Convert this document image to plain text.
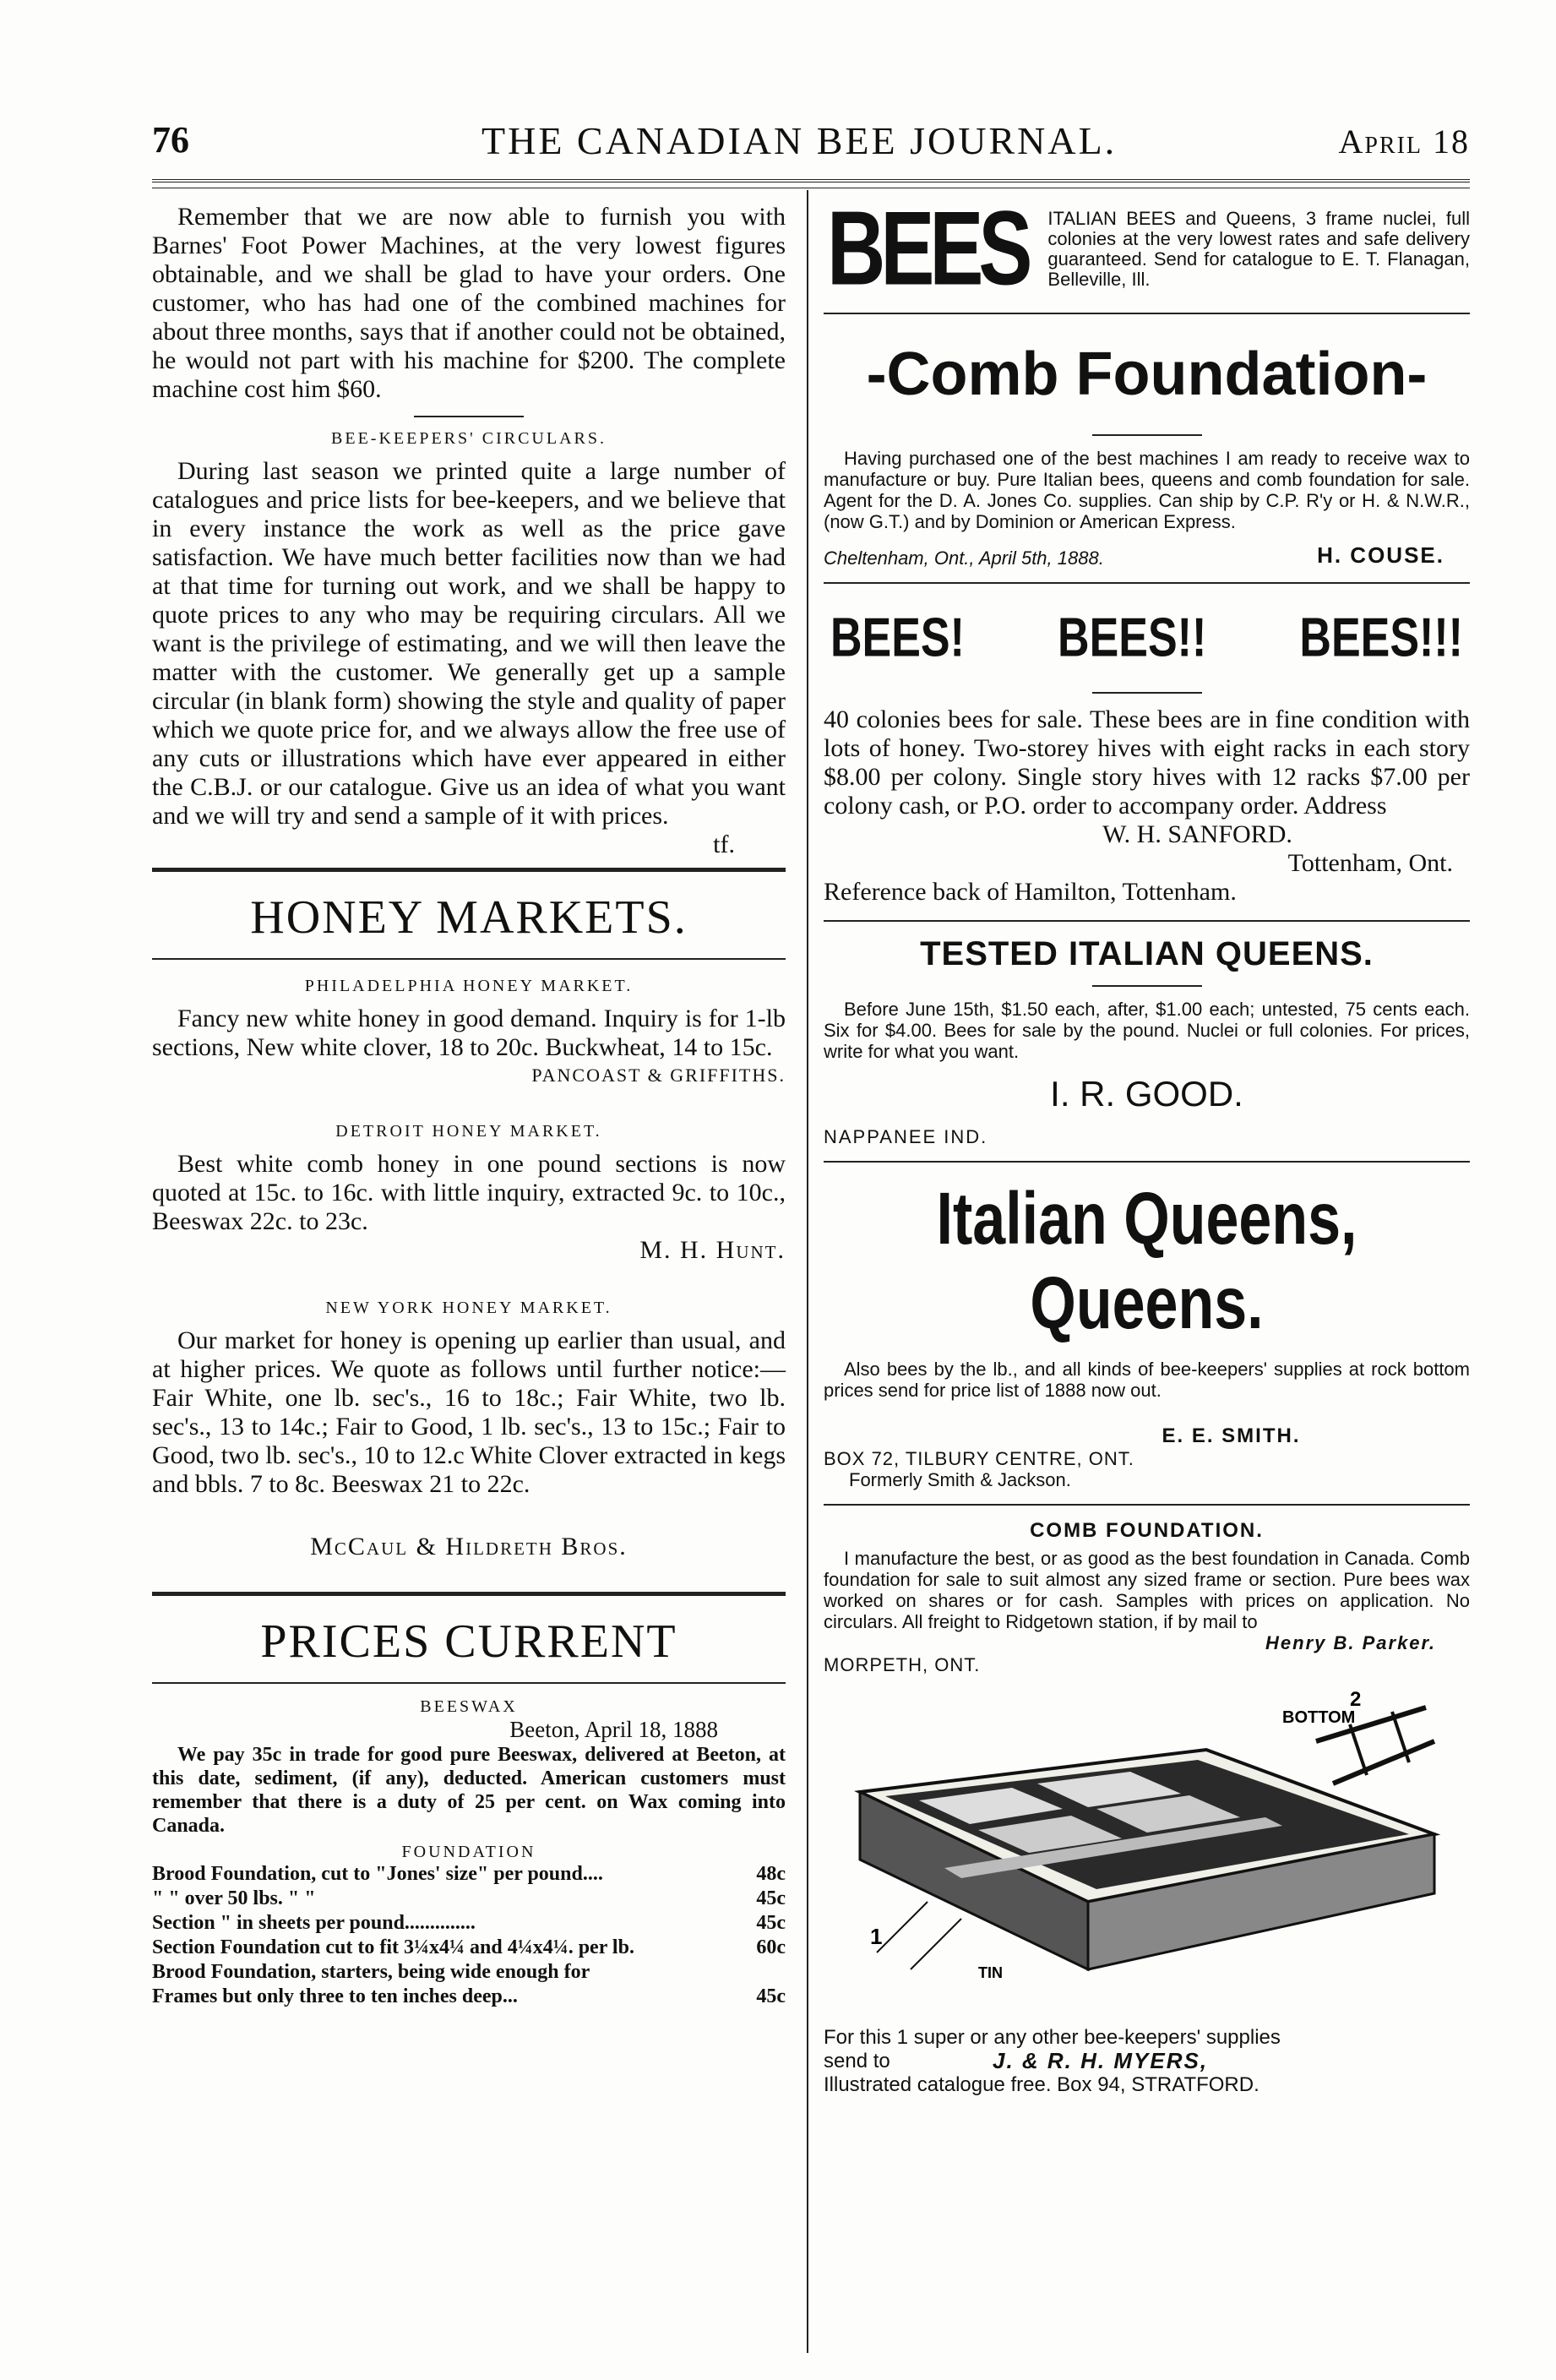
76	THE CANADIAN BEE JOURNAL.	April 18

Remember that we are now able to furnish you with Barnes' Foot Power Machines, at the very lowest figures obtainable, and we shall be glad to have your orders. One customer, who has had one of the combined machines for about three months, says that if another could not be obtained, he would not part with his machine for $200. The complete machine cost him $60.

BEE-KEEPERS' CIRCULARS.

During last season we printed quite a large number of catalogues and price lists for bee-keepers, and we believe that in every instance the work as well as the price gave satisfaction. We have much better facilities now than we had at that time for turning out work, and we shall be happy to quote prices to any who may be requiring circulars. All we want is the privilege of estimating, and we will then leave the matter with the customer. We generally get up a sample circular (in blank form) showing the style and quality of paper which we quote price for, and we always allow the free use of any cuts or illustrations which have ever appeared in either the C.B.J. or our catalogue. Give us an idea of what you want and we will try and send a sample of it with prices.

tf.

HONEY MARKETS.

PHILADELPHIA HONEY MARKET.

Fancy new white honey in good demand. Inquiry is for 1-lb sections, New white clover, 18 to 20c. Buckwheat, 14 to 15c.

PANCOAST & GRIFFITHS.

DETROIT HONEY MARKET.

Best white comb honey in one pound sections is now quoted at 15c. to 16c. with little inquiry, extracted 9c. to 10c., Beeswax 22c. to 23c.

M. H. Hunt.

NEW YORK HONEY MARKET.

Our market for honey is opening up earlier than usual, and at higher prices. We quote as follows until further notice:—Fair White, one lb. sec's., 16 to 18c.; Fair White, two lb. sec's., 13 to 14c.; Fair to Good, 1 lb. sec's., 13 to 15c.; Fair to Good, two lb. sec's., 10 to 12.c White Clover extracted in kegs and bbls. 7 to 8c. Beeswax 21 to 22c.

McCaul & Hildreth Bros.

PRICES CURRENT

BEESWAX

Beeton, April 18, 1888

We pay 35c in trade for good pure Beeswax, delivered at Beeton, at this date, sediment, (if any), deducted. American customers must remember that there is a duty of 25 per cent. on Wax coming into Canada.

FOUNDATION

Brood Foundation, cut to "Jones' size" per pound....	48c
" " over 50 lbs. " "	45c
Section " in sheets per pound..............	45c
Section Foundation cut to fit 3¼x4¼ and 4¼x4¼. per lb.	60c
Brood Foundation, starters, being wide enough for
Frames but only three to ten inches deep...	45c
BEES ITALIAN BEES and Queens, 3 frame nuclei, full colonies at the very lowest rates and safe delivery guaranteed. Send for catalogue to E. T. Flanagan, Belleville, Ill.

-Comb Foundation-

Having purchased one of the best machines I am ready to receive wax to manufacture or buy. Pure Italian bees, queens and comb foundation for sale. Agent for the D. A. Jones Co. supplies. Can ship by C.P. R'y or H. & N.W.R., (now G.T.) and by Dominion or American Express.

Cheltenham, Ont., April 5th, 1888.	H. COUSE.
BEES! BEES!! BEES!!!

40 colonies bees for sale. These bees are in fine condition with lots of honey. Two-storey hives with eight racks in each story $8.00 per colony. Single story hives with 12 racks $7.00 per colony cash, or P.O. order to accompany order. Address

W. H. SANFORD.

Tottenham, Ont.

Reference back of Hamilton, Tottenham.

TESTED ITALIAN QUEENS.

Before June 15th, $1.50 each, after, $1.00 each; untested, 75 cents each. Six for $4.00. Bees for sale by the pound. Nuclei or full colonies. For prices, write for what you want.

I. R. GOOD.

NAPPANEE IND.

Italian Queens, Queens.

Also bees by the lb., and all kinds of bee-keepers' supplies at rock bottom prices send for price list of 1888 now out.

E. E. SMITH.

BOX 72, TILBURY CENTRE, ONT.

Formerly Smith & Jackson.

COMB FOUNDATION.

I manufacture the best, or as good as the best foundation in Canada. Comb foundation for sale to suit almost any sized frame or section. Pure bees wax worked on shares or for cash. Samples with prices on application. No circulars. All freight to Ridgetown station, if by mail to

Henry B. Parker.

MORPETH, ONT.

BOTTOM
2
1
TIN

For this 1 super or any other bee-keepers' supplies

send to	J. & R. H. MYERS,

Illustrated catalogue free. Box 94, STRATFORD.
